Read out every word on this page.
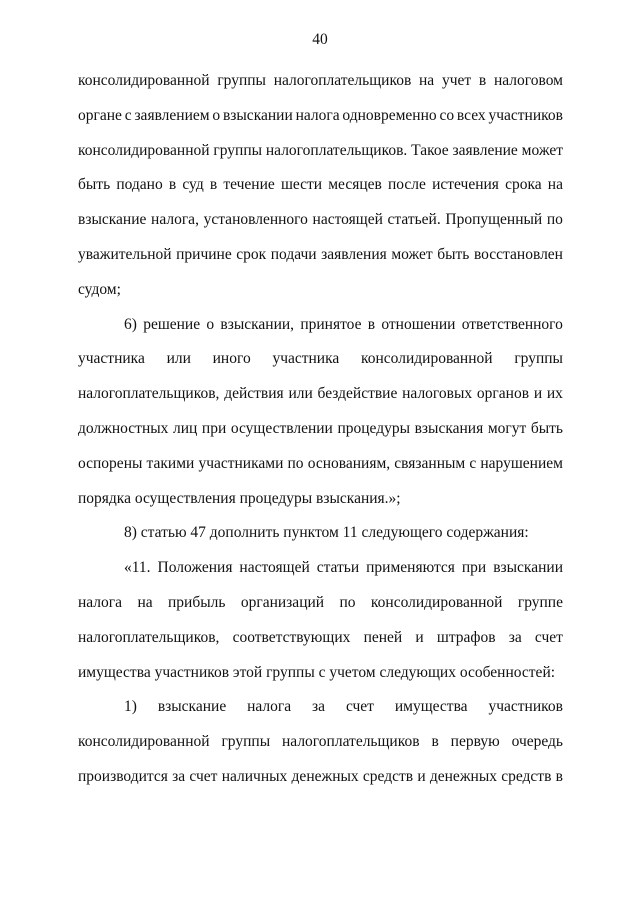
40
консолидированной группы налогоплательщиков на учет в налоговом
органе с заявлением о взыскании налога одновременно со всех участников
консолидированной группы налогоплательщиков. Такое заявление может
быть подано в суд в течение шести месяцев после истечения срока на
взыскание налога, установленного настоящей статьей. Пропущенный по
уважительной причине срок подачи заявления может быть восстановлен
судом;
6) решение о взыскании, принятое в отношении ответственного
участника или иного участника консолидированной группы
налогоплательщиков, действия или бездействие налоговых органов и их
должностных лиц при осуществлении процедуры взыскания могут быть
оспорены такими участниками по основаниям, связанным с нарушением
порядка осуществления процедуры взыскания.»;
8) статью 47 дополнить пунктом 11 следующего содержания:
«11. Положения настоящей статьи применяются при взыскании
налога на прибыль организаций по консолидированной группе
налогоплательщиков, соответствующих пеней и штрафов за счет
имущества участников этой группы с учетом следующих особенностей:
1) взыскание налога за счет имущества участников
консолидированной группы налогоплательщиков в первую очередь
производится за счет наличных денежных средств и денежных средств в
